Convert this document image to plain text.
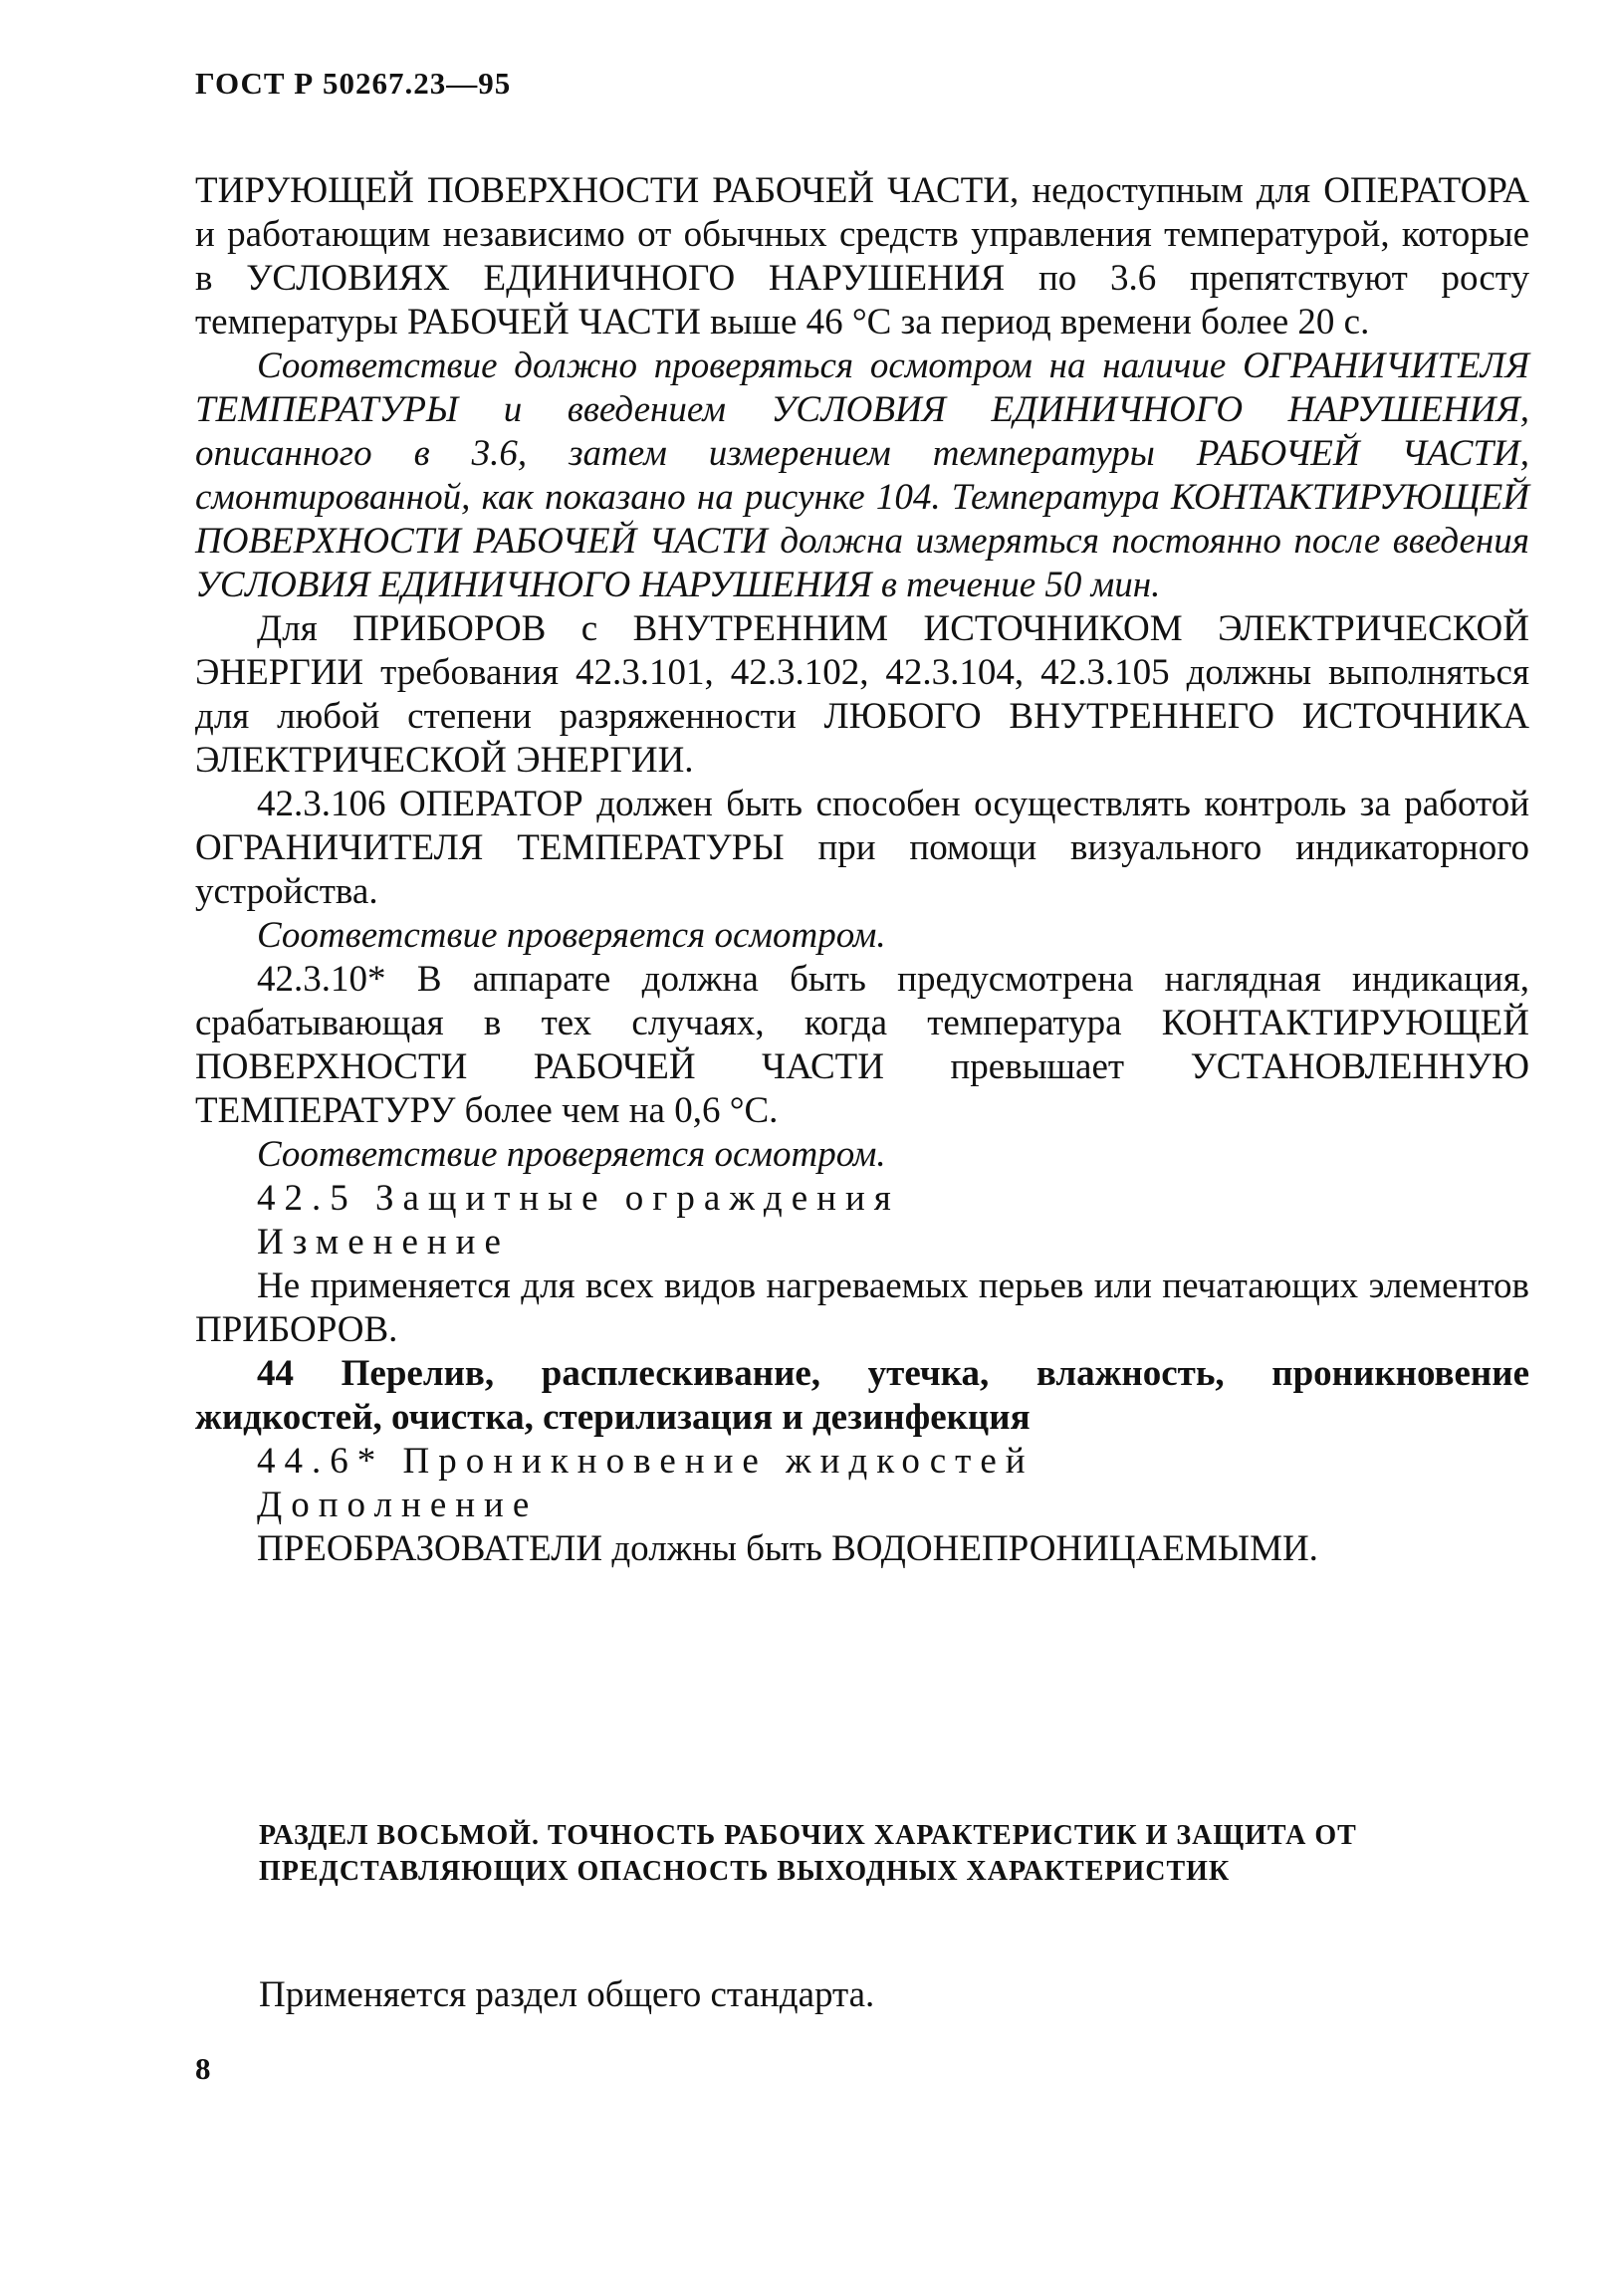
ГОСТ Р 50267.23—95

ТИРУЮЩЕЙ ПОВЕРХНОСТИ РАБОЧЕЙ ЧАСТИ, недоступным для ОПЕРАТОРА и работающим независимо от обычных средств управления температурой, которые в УСЛОВИЯХ ЕДИНИЧНОГО НАРУШЕНИЯ по 3.6 препятствуют росту температуры РАБОЧЕЙ ЧАСТИ выше 46 °С за период времени более 20 с.

Соответствие должно проверяться осмотром на наличие ОГРАНИЧИТЕЛЯ ТЕМПЕРАТУРЫ и введением УСЛОВИЯ ЕДИНИЧНОГО НАРУШЕНИЯ, описанного в 3.6, затем измерением температуры РАБОЧЕЙ ЧАСТИ, смонтированной, как показано на рисунке 104. Температура КОНТАКТИРУЮЩЕЙ ПОВЕРХНОСТИ РАБОЧЕЙ ЧАСТИ должна измеряться постоянно после введения УСЛОВИЯ ЕДИНИЧНОГО НАРУШЕНИЯ в течение 50 мин.

Для ПРИБОРОВ с ВНУТРЕННИМ ИСТОЧНИКОМ ЭЛЕКТРИЧЕСКОЙ ЭНЕРГИИ требования 42.3.101, 42.3.102, 42.3.104, 42.3.105 должны выполняться для любой степени разряженности ЛЮБОГО ВНУТРЕННЕГО ИСТОЧНИКА ЭЛЕКТРИЧЕСКОЙ ЭНЕРГИИ.

42.3.106 ОПЕРАТОР должен быть способен осуществлять контроль за работой ОГРАНИЧИТЕЛЯ ТЕМПЕРАТУРЫ при помощи визуального индикаторного устройства.

Соответствие проверяется осмотром.

42.3.10* В аппарате должна быть предусмотрена наглядная индикация, срабатывающая в тех случаях, когда температура КОНТАКТИРУЮЩЕЙ ПОВЕРХНОСТИ РАБОЧЕЙ ЧАСТИ превышает УСТАНОВЛЕННУЮ ТЕМПЕРАТУРУ более чем на 0,6 °С.

Соответствие проверяется осмотром.

42.5 Защитные ограждения

Изменение

Не применяется для всех видов нагреваемых перьев или печатающих элементов ПРИБОРОВ.

44 Перелив, расплескивание, утечка, влажность, проникновение жидкостей, очистка, стерилизация и дезинфекция

44.6* Проникновение жидкостей

Дополнение

ПРЕОБРАЗОВАТЕЛИ должны быть ВОДОНЕПРОНИЦАЕМЫМИ.

РАЗДЕЛ ВОСЬМОЙ. ТОЧНОСТЬ РАБОЧИХ ХАРАКТЕРИСТИК И ЗАЩИТА ОТ ПРЕДСТАВЛЯЮЩИХ ОПАСНОСТЬ ВЫХОДНЫХ ХАРАКТЕРИСТИК
Применяется раздел общего стандарта.
8
